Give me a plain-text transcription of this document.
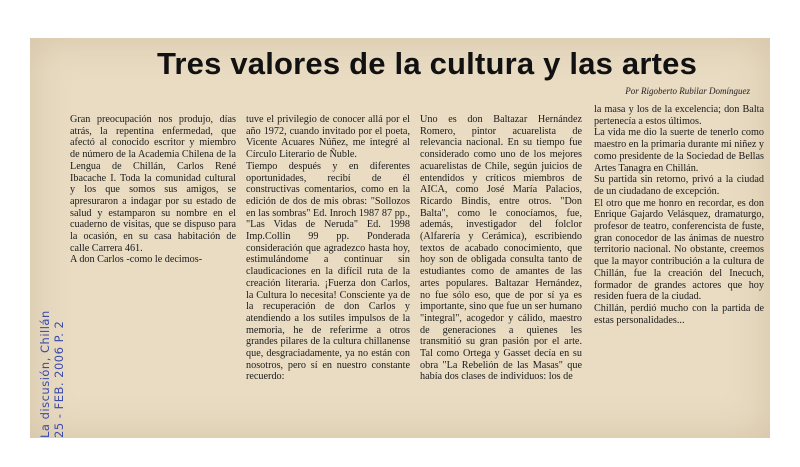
La discusión, Chillán 25 - FEB. 2006 P. 2
Tres valores de la cultura y las artes
Por Rigoberto Rubilar Domínguez

Gran preocupación nos produjo, días atrás, la repentina enfermedad, que afectó al conocido escritor y miembro de número de la Academia Chilena de la Lengua de Chillán, Carlos René Ibacache I. Toda la comunidad cultural y los que somos sus amigos, se apresuraron a indagar por su estado de salud y estamparon su nombre en el cuaderno de visitas, que se dispuso para la ocasión, en su casa habitación de calle Carrera 461.

A don Carlos -como le decimos-

tuve el privilegio de conocer allá por el año 1972, cuando invitado por el poeta, Vicente Acuares Núñez, me integré al Círculo Literario de Ñuble.

Tiempo después y en diferentes oportunidades, recibí de él constructivas comentarios, como en la edición de dos de mis obras: "Sollozos en las sombras" Ed. Inroch 1987 87 pp., "Las Vidas de Neruda" Ed. 1998 Imp.Collin 99 pp. Ponderada consideración que agradezco hasta hoy, estimulándome a continuar sin claudicaciones en la difícil ruta de la creación literaria. ¡Fuerza don Carlos, la Cultura lo necesita! Consciente ya de la recuperación de don Carlos y atendiendo a los sutiles impulsos de la memoria, he de referirme a otros grandes pilares de la cultura chillanense que, desgraciadamente, ya no están con nosotros, pero sí en nuestro constante recuerdo:

Uno es don Baltazar Hernández Romero, pintor acuarelista de relevancia nacional. En su tiempo fue considerado como uno de los mejores acuarelistas de Chile, según juicios de entendidos y críticos miembros de AICA, como José María Palacios, Ricardo Bindis, entre otros. "Don Balta", como le conocíamos, fue, además, investigador del folclor (Alfarería y Cerámica), escribiendo textos de acabado conocimiento, que hoy son de obligada consulta tanto de estudiantes como de amantes de las artes populares. Baltazar Hernández, no fue sólo eso, que de por sí ya es importante, sino que fue un ser humano "integral", acogedor y cálido, maestro de generaciones a quienes les transmitió su gran pasión por el arte. Tal como Ortega y Gasset decía en su obra "La Rebelión de las Masas" que había dos clases de individuos: los de

la masa y los de la excelencia; don Balta pertenecía a estos últimos.

La vida me dio la suerte de tenerlo como maestro en la primaria durante mi niñez y como presidente de la Sociedad de Bellas Artes Tanagra en Chillán.

Su partida sin retorno, privó a la ciudad de un ciudadano de excepción.

El otro que me honro en recordar, es don Enrique Gajardo Velásquez, dramaturgo, profesor de teatro, conferencista de fuste, gran conocedor de las ánimas de nuestro territorio nacional. No obstante, creemos que la mayor contribución a la cultura de Chillán, fue la creación del Inecuch, formador de grandes actores que hoy residen fuera de la ciudad.

Chillán, perdió mucho con la partida de estas personalidades...
